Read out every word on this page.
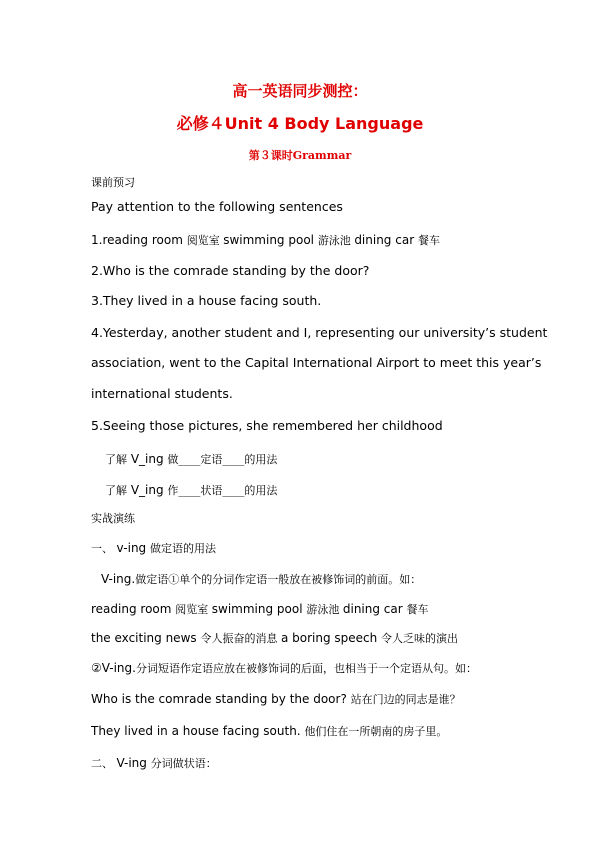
高一英语同步测控：
必修４Unit 4 Body Language
第３课时Grammar
课前预习
Pay attention to the following sentences
1.reading room 阅览室 swimming pool 游泳池 dining car 餐车
2.Who is the comrade standing by the door?
3.They lived in a house facing south.
4.Yesterday, another student and I, representing our university’s student
association, went to the Capital International Airport to meet this year’s
international students.
5.Seeing those pictures, she remembered her childhood
了解 V_ing 做____定语____的用法
了解 V_ing 作____状语____的用法
实战演练
一、 v-ing 做定语的用法
V-ing.做定语①单个的分词作定语一般放在被修饰词的前面。如：
reading room 阅览室 swimming pool 游泳池 dining car 餐车
the exciting news 令人振奋的消息 a boring speech 令人乏味的演出
②V-ing.分词短语作定语应放在被修饰词的后面，也相当于一个定语从句。如：
Who is the comrade standing by the door? 站在门边的同志是谁？
They lived in a house facing south. 他们住在一所朝南的房子里。
二、 V-ing 分词做状语：
